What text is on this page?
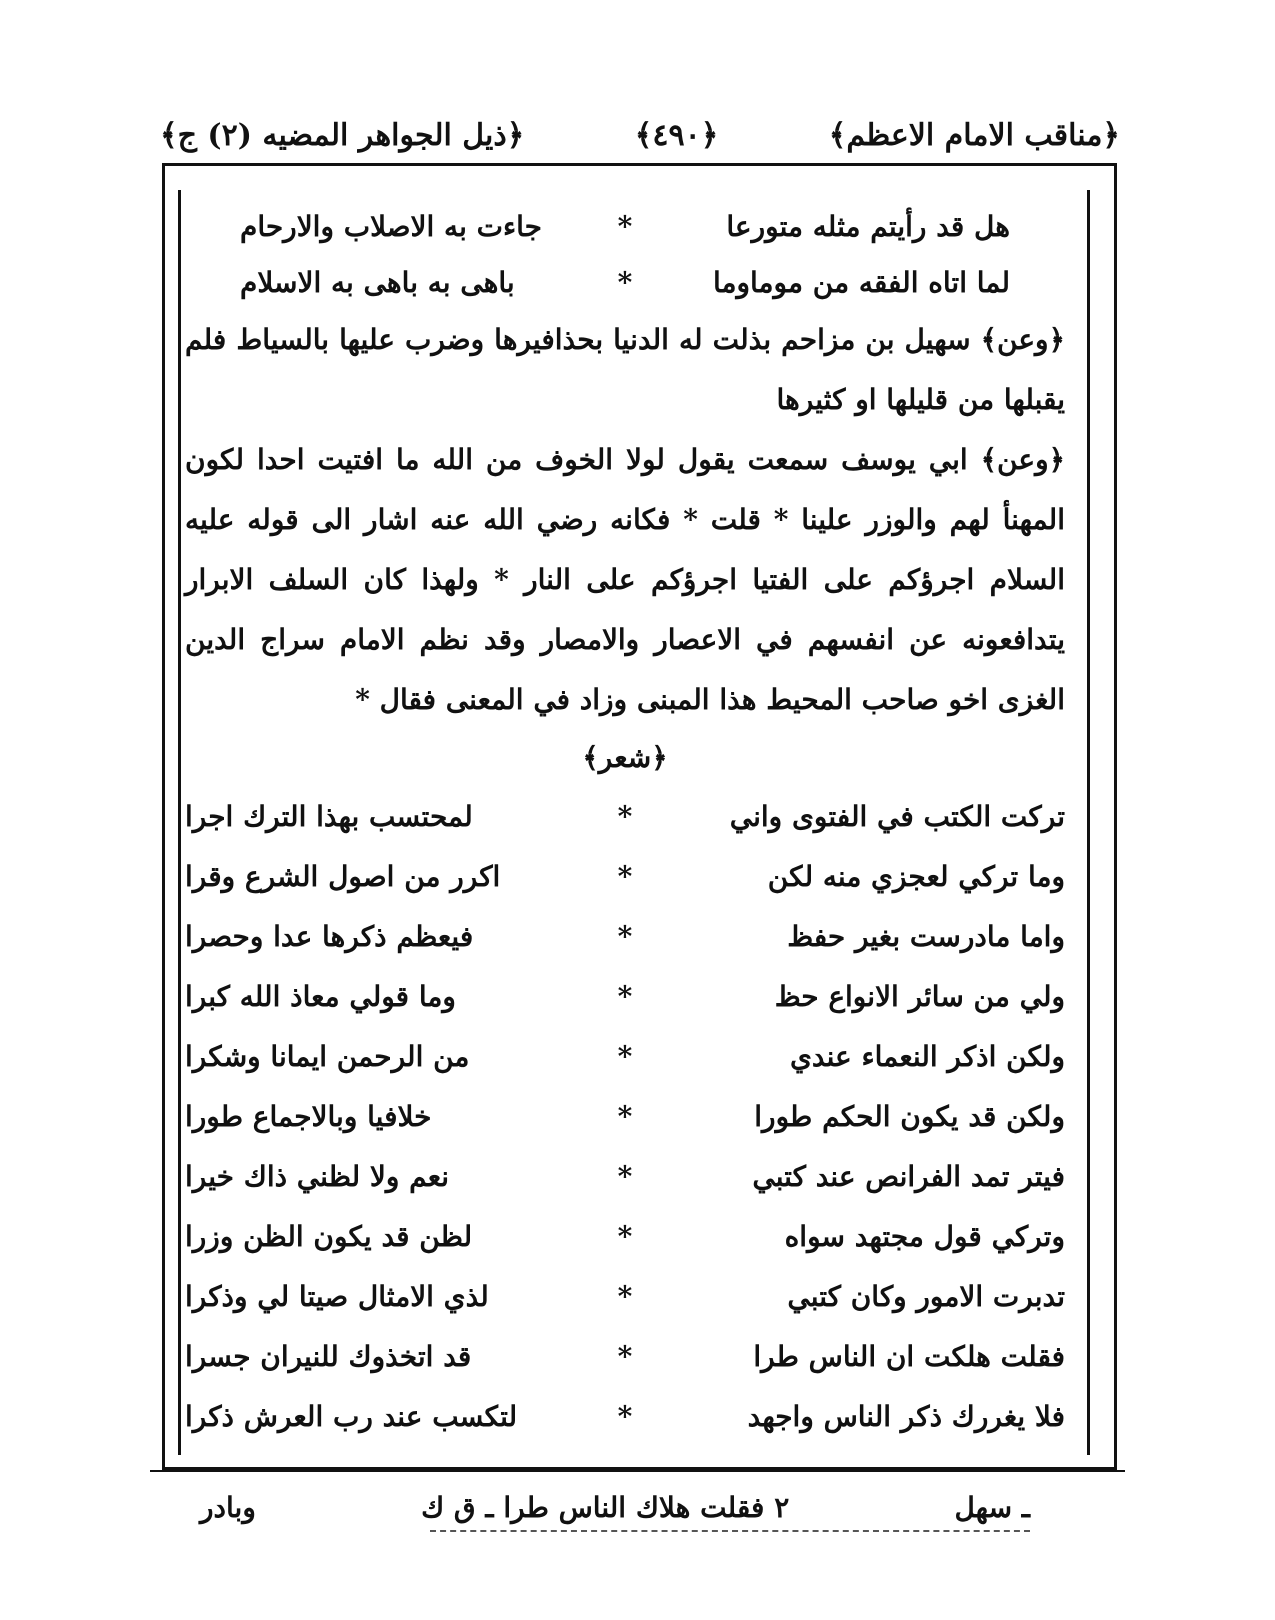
﴿مناقب الامام الاعظم﴾
﴿٤٩٠﴾
﴿ذيل الجواهر المضيه (٢) ج﴾
هل قد رأيتم مثله متورعا
*
جاءت به الاصلاب والارحام
لما اتاه الفقه من موماوما
*
باهى به باهى به الاسلام

﴿وعن﴾ سهيل بن مزاحم بذلت له الدنيا بحذافيرها وضرب عليها بالسياط فلم يقبلها من قليلها او كثيرها

﴿وعن﴾ ابي يوسف سمعت يقول لولا الخوف من الله ما افتيت احدا لكون المهنأ لهم والوزر علينا * قلت * فكانه رضي الله عنه اشار الى قوله عليه السلام اجرؤكم على الفتيا اجرؤكم على النار * ولهذا كان السلف الابرار يتدافعونه عن انفسهم في الاعصار والامصار وقد نظم الامام سراج الدين الغزى اخو صاحب المحيط هذا المبنى وزاد في المعنى فقال *

﴿شعر﴾
تركت الكتب في الفتوى واني
*
لمحتسب بهذا الترك اجرا
وما تركي لعجزي منه لكن
*
اكرر من اصول الشرع وقرا
واما مادرست بغير حفظ
*
فيعظم ذكرها عدا وحصرا
ولي من سائر الانواع حظ
*
وما قولي معاذ الله كبرا
ولكن اذكر النعماء عندي
*
من الرحمن ايمانا وشكرا
ولكن قد يكون الحكم طورا
*
خلافيا وبالاجماع طورا
فيتر تمد الفرانص عند كتبي
*
نعم ولا لظني ذاك خيرا
وتركي قول مجتهد سواه
*
لظن قد يكون الظن وزرا
تدبرت الامور وكان كتبي
*
لذي الامثال صيتا لي وذكرا
فقلت هلكت ان الناس طرا
*
قد اتخذوك للنيران جسرا
فلا يغررك ذكر الناس واجهد
*
لتكسب عند رب العرش ذكرا
ـ سهل
٢ فقلت هلاك الناس طرا ـ ق ك
وبادر
